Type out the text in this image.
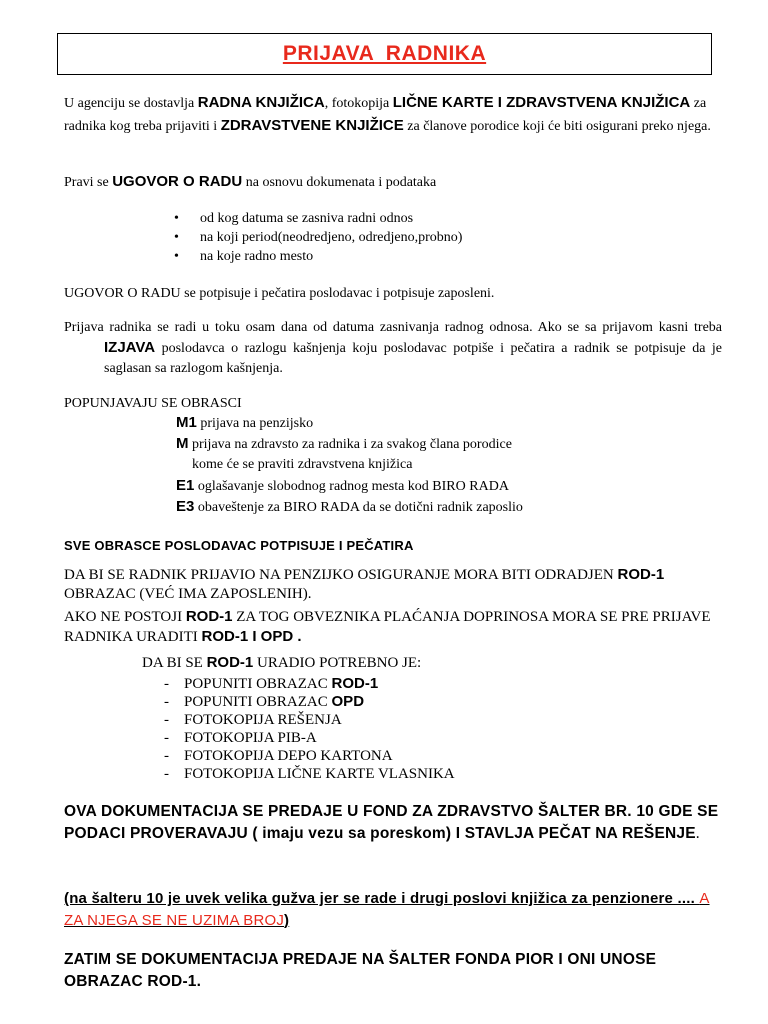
PRIJAVA RADNIKA
U agenciju se dostavlja RADNA KNJIŽICA, fotokopija LIČNE KARTE I ZDRAVSTVENA KNJIŽICA za radnika kog treba prijaviti i ZDRAVSTVENE KNJIŽICE za članove porodice koji će biti osigurani preko njega.
Pravi se UGOVOR O RADU na osnovu dokumenata i podataka
• od kog datuma se zasniva radni odnos
• na koji period(neodredjeno, odredjeno,probno)
• na koje radno mesto
UGOVOR O RADU se potpisuje i pečatira poslodavac i potpisuje zaposleni.
Prijava radnika se radi u toku osam dana od datuma zasnivanja radnog odnosa. Ako se sa prijavom kasni treba IZJAVA poslodavca o razlogu kašnjenja koju poslodavac potpiše i pečatira a radnik se potpisuje da je saglasan sa razlogom kašnjenja.
POPUNJAVAJU SE OBRASCI
M1 prijava na penzijsko
M prijava na zdravsto za radnika i za svakog člana porodice
kome će se praviti zdravstvena knjižica
E1 oglašavanje slobodnog radnog mesta kod BIRO RADA
E3 obaveštenje za BIRO RADA da se dotični radnik zaposlio
SVE OBRASCE POSLODAVAC POTPISUJE I PEČATIRA
DA BI SE RADNIK PRIJAVIO NA PENZIJKO OSIGURANJE MORA BITI ODRADJEN ROD-1 OBRAZAC (VEĆ IMA ZAPOSLENIH).
AKO NE POSTOJI ROD-1 ZA TOG OBVEZNIKA PLAĆANJA DOPRINOSA MORA SE PRE PRIJAVE RADNIKA URADITI ROD-1 I OPD .
DA BI SE ROD-1 URADIO POTREBNO JE:
- POPUNITI OBRAZAC ROD-1
- POPUNITI OBRAZAC OPD
- FOTOKOPIJA REŠENJA
- FOTOKOPIJA PIB-A
- FOTOKOPIJA DEPO KARTONA
- FOTOKOPIJA LIČNE KARTE VLASNIKA
OVA DOKUMENTACIJA SE PREDAJE U FOND ZA ZDRAVSTVO ŠALTER BR. 10 GDE SE PODACI PROVERAVAJU ( imaju vezu sa poreskom) I STAVLJA PEČAT NA REŠENJE.
(na šalteru 10 je uvek velika gužva jer se rade i drugi poslovi knjižica za penzionere .... A ZA NJEGA SE NE UZIMA BROJ)
ZATIM SE DOKUMENTACIJA PREDAJE NA ŠALTER FONDA PIOR I ONI UNOSE OBRAZAC ROD-1.
